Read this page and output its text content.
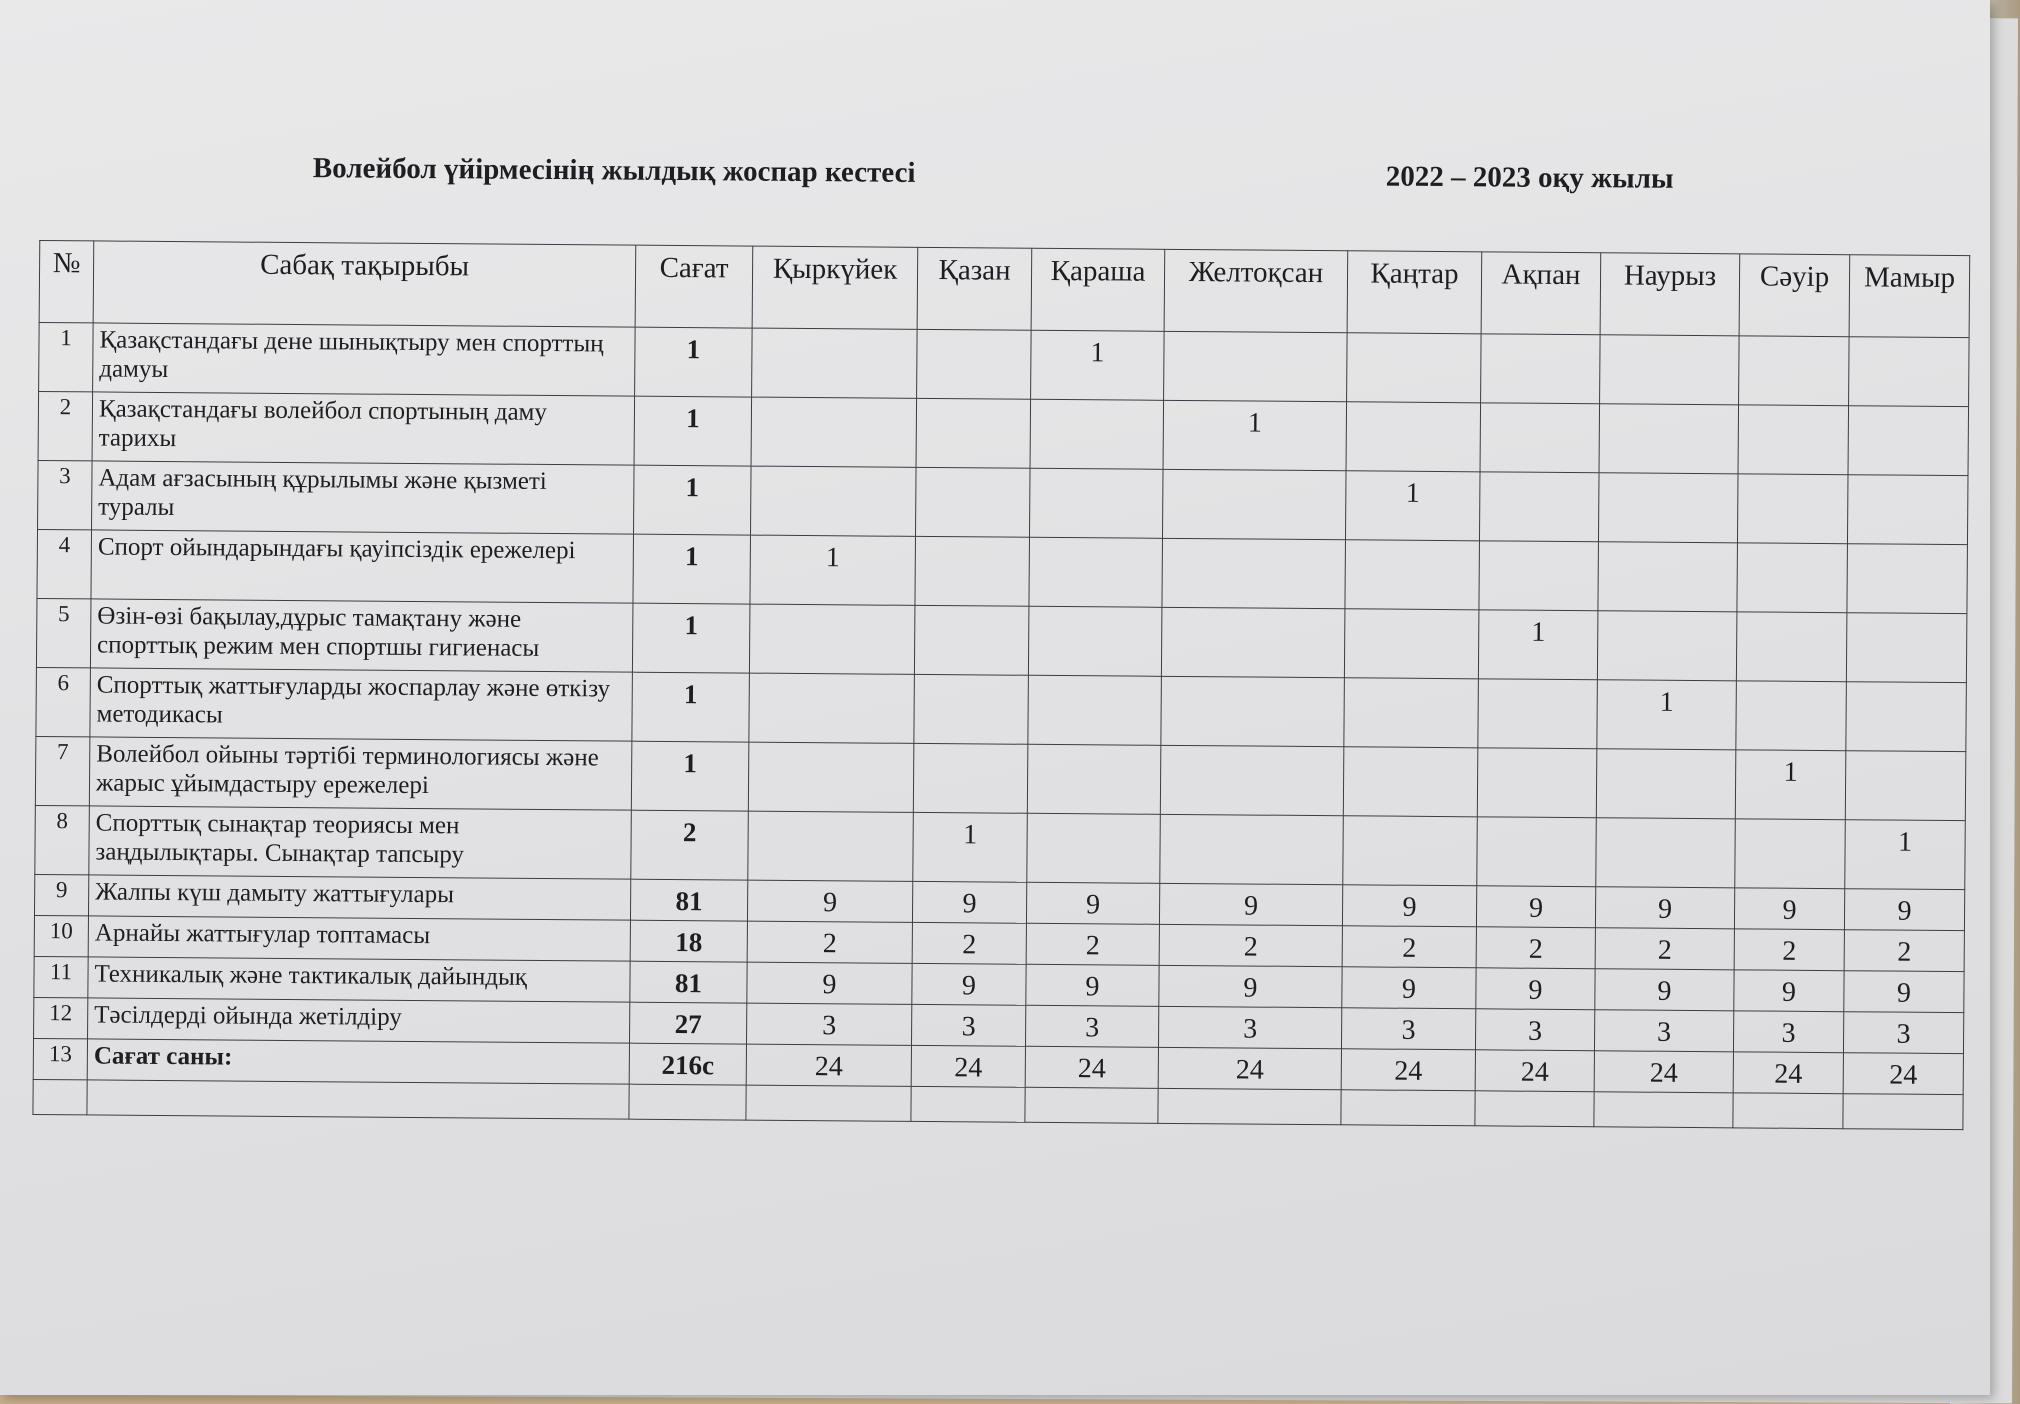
Волейбол үйірмесінің жылдық жоспар кестесі	2022 – 2023 оқу жылы
№	Сабақ тақырыбы	Сағат	Қыркүйек	Қазан	Қараша	Желтоқсан	Қаңтар	Ақпан	Наурыз	Сәуір	Мамыр
1	Қазақстандағы дене шынықтыру мен спорттың дамуы	1			1						
2	Қазақстандағы волейбол спортының даму тарихы	1				1					
3	Адам ағзасының құрылымы және қызметі туралы	1					1				
4	Спорт ойындарындағы қауіпсіздік ережелері	1	1								
5	Өзін-өзі бақылау,дұрыс тамақтану және спорттық режим мен спортшы гигиенасы	1						1			
6	Спорттық жаттығуларды жоспарлау және өткізу методикасы	1							1		
7	Волейбол ойыны тәртібі терминологиясы және жарыс ұйымдастыру ережелері	1								1	
8	Спорттық сынақтар теориясы мен заңдылықтары. Сынақтар тапсыру	2		1							1
9	Жалпы күш дамыту жаттығулары	81	9	9	9	9	9	9	9	9	9
10	Арнайы жаттығулар топтамасы	18	2	2	2	2	2	2	2	2	2
11	Техникалық және тактикалық дайындық	81	9	9	9	9	9	9	9	9	9
12	Тәсілдерді ойында жетілдіру	27	3	3	3	3	3	3	3	3	3
13	Сағат саны:	216с	24	24	24	24	24	24	24	24	24
